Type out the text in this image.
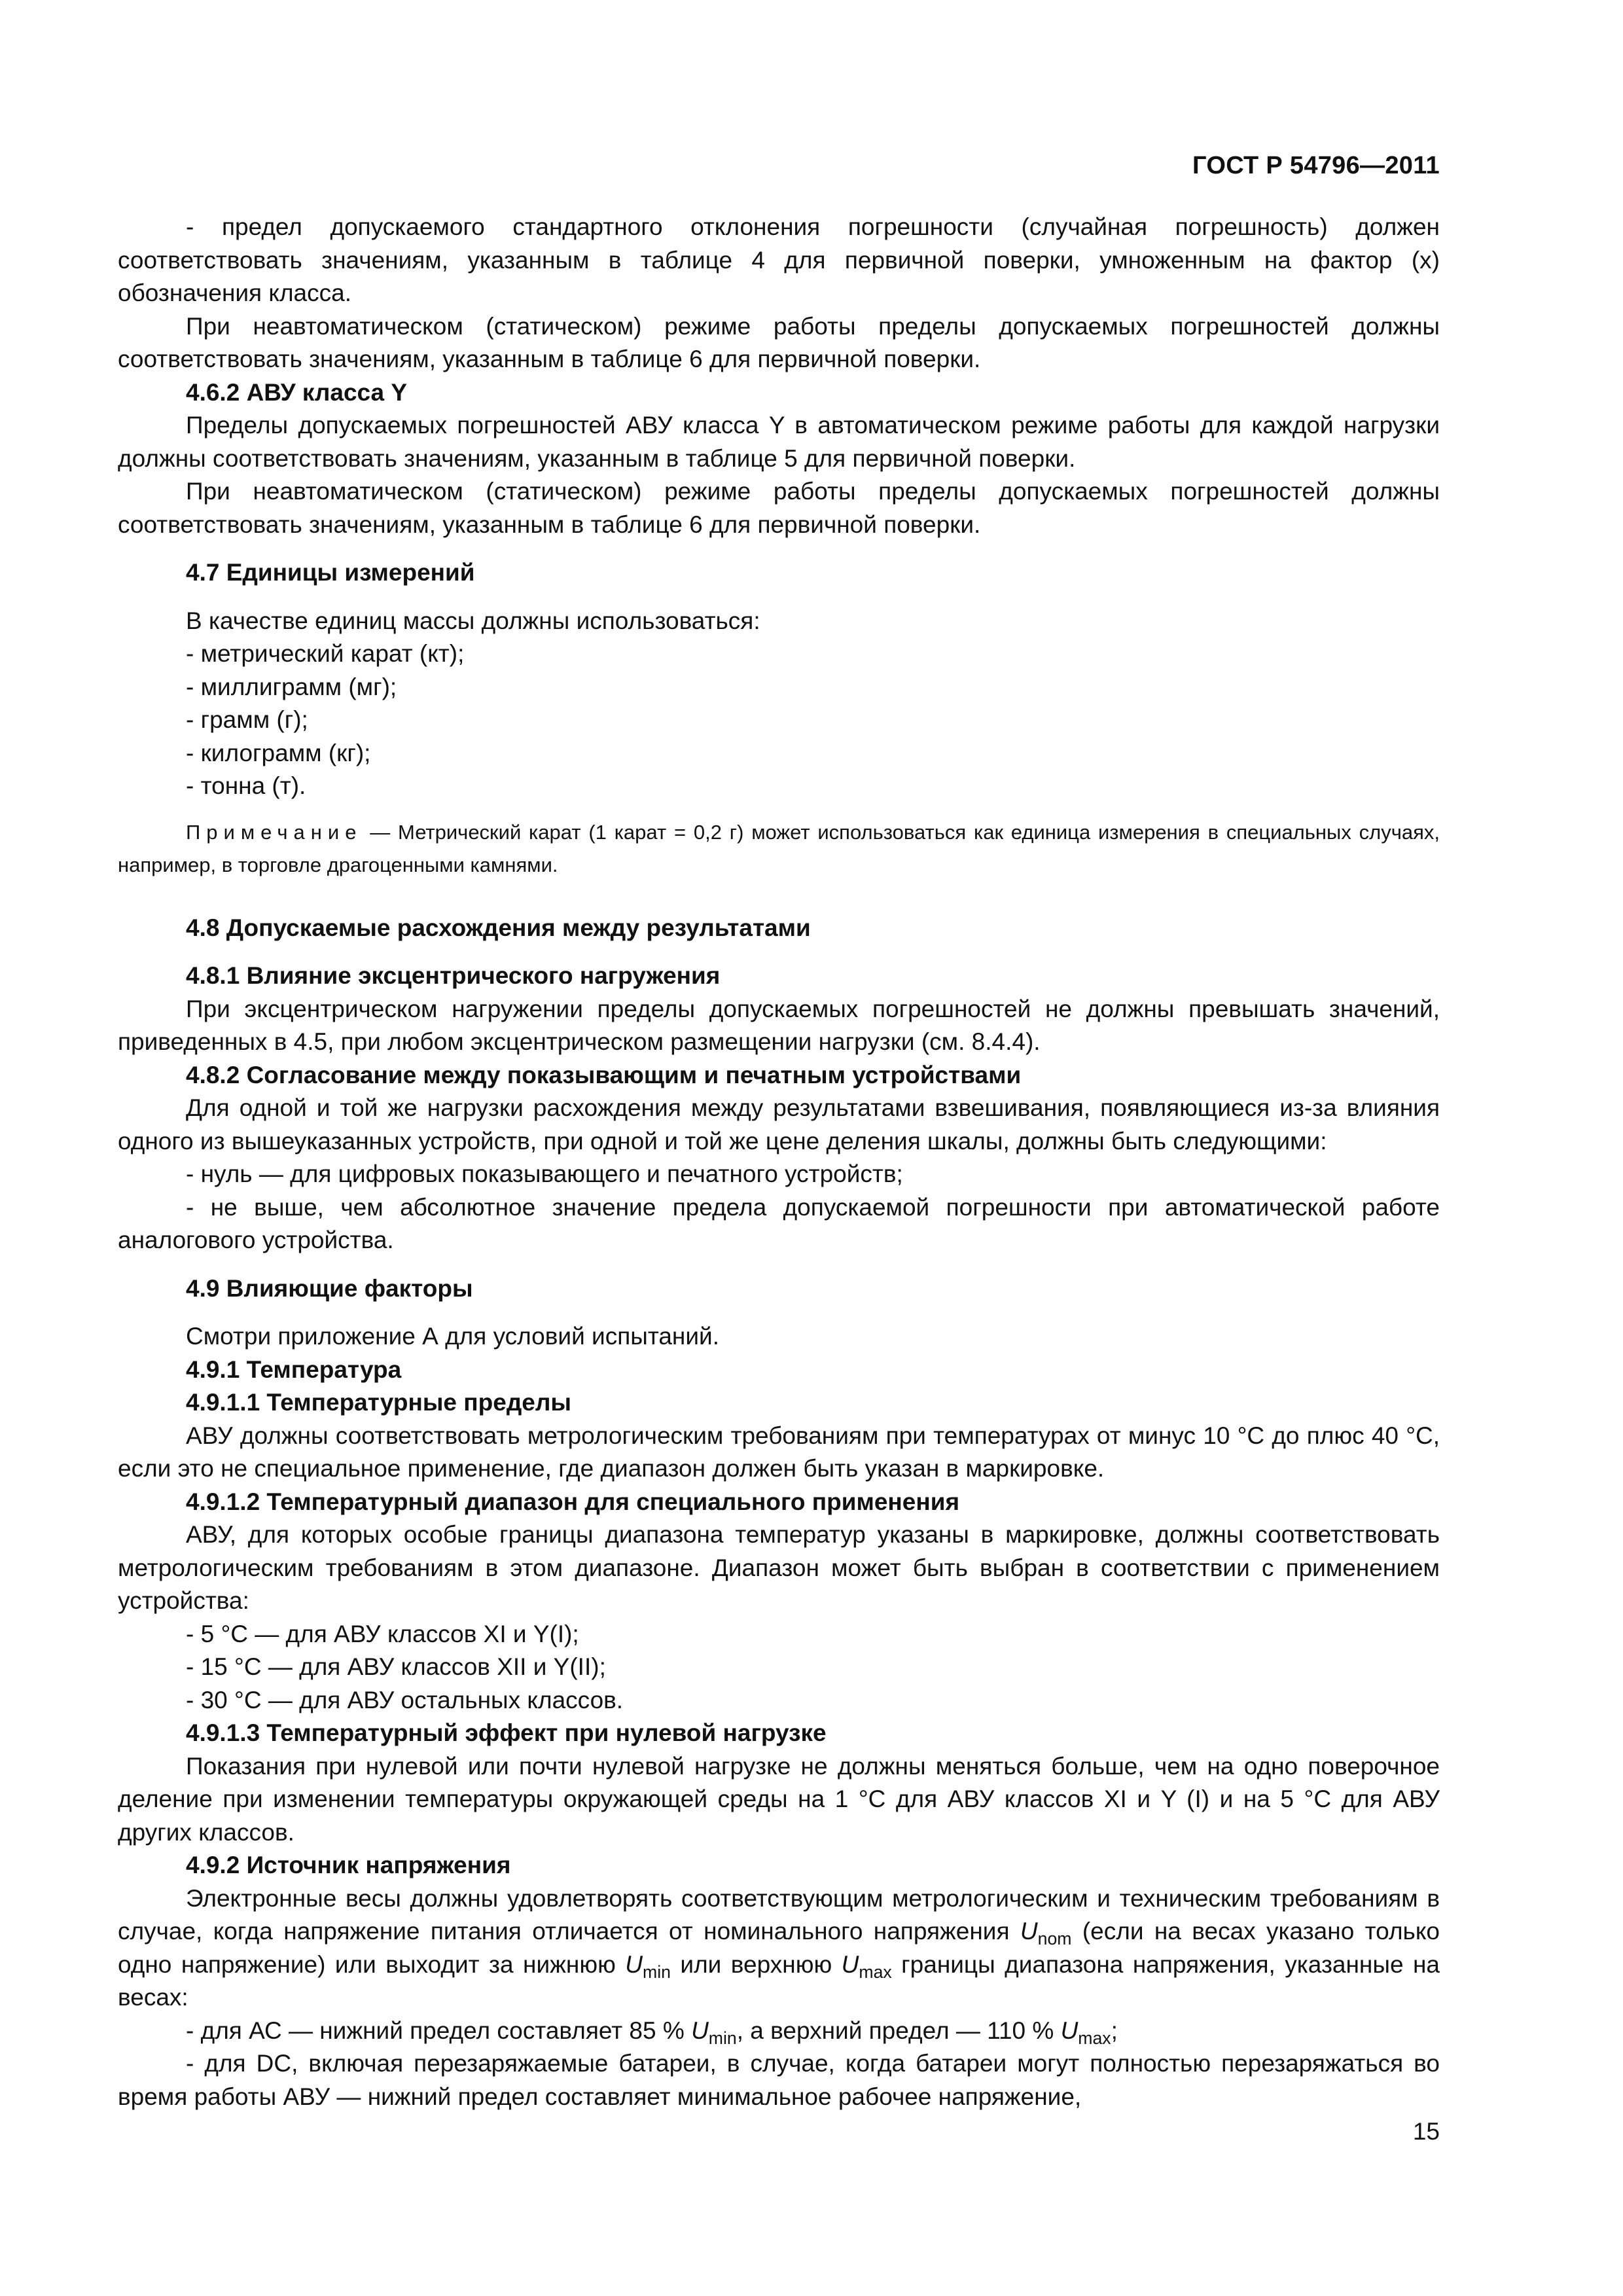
ГОСТ Р 54796—2011

- предел допускаемого стандартного отклонения погрешности (случайная погрешность) должен соответствовать значениям, указанным в таблице 4 для первичной поверки, умноженным на фактор (х) обозначения класса.

При неавтоматическом (статическом) режиме работы пределы допускаемых погрешностей должны соответствовать значениям, указанным в таблице 6 для первичной поверки.

4.6.2 АВУ класса Y

Пределы допускаемых погрешностей АВУ класса Y в автоматическом режиме работы для каждой нагрузки должны соответствовать значениям, указанным в таблице 5 для первичной поверки.

При неавтоматическом (статическом) режиме работы пределы допускаемых погрешностей должны соответствовать значениям, указанным в таблице 6 для первичной поверки.

4.7 Единицы измерений

В качестве единиц массы должны использоваться:

- метрический карат (кт);

- миллиграмм (мг);

- грамм (г);

- килограмм (кг);

- тонна (т).

Примечание — Метрический карат (1 карат = 0,2 г) может использоваться как единица измерения в специальных случаях, например, в торговле драгоценными камнями.

4.8 Допускаемые расхождения между результатами

4.8.1 Влияние эксцентрического нагружения

При эксцентрическом нагружении пределы допускаемых погрешностей не должны превышать значений, приведенных в 4.5, при любом эксцентрическом размещении нагрузки (см. 8.4.4).

4.8.2 Согласование между показывающим и печатным устройствами

Для одной и той же нагрузки расхождения между результатами взвешивания, появляющиеся из-за влияния одного из вышеуказанных устройств, при одной и той же цене деления шкалы, должны быть следующими:

- нуль — для цифровых показывающего и печатного устройств;

- не выше, чем абсолютное значение предела допускаемой погрешности при автоматической работе аналогового устройства.

4.9 Влияющие факторы

Смотри приложение А для условий испытаний.

4.9.1 Температура

4.9.1.1 Температурные пределы

АВУ должны соответствовать метрологическим требованиям при температурах от минус 10 °С до плюс 40 °С, если это не специальное применение, где диапазон должен быть указан в маркировке.

4.9.1.2 Температурный диапазон для специального применения

АВУ, для которых особые границы диапазона температур указаны в маркировке, должны соответствовать метрологическим требованиям в этом диапазоне. Диапазон может быть выбран в соответствии с применением устройства:

- 5 °С — для АВУ классов XI и Y(I);

- 15 °С — для АВУ классов XII и Y(II);

- 30 °С — для АВУ остальных классов.

4.9.1.3 Температурный эффект при нулевой нагрузке

Показания при нулевой или почти нулевой нагрузке не должны меняться больше, чем на одно поверочное деление при изменении температуры окружающей среды на 1 °С для АВУ классов XI и Y (I) и на 5 °С для АВУ других классов.

4.9.2 Источник напряжения

Электронные весы должны удовлетворять соответствующим метрологическим и техническим требованиям в случае, когда напряжение питания отличается от номинального напряжения $U_{nom}$ (если на весах указано только одно напряжение) или выходит за нижнюю $U_{min}$ или верхнюю $U_{max}$ границы диапазона напряжения, указанные на весах:

- для АС — нижний предел составляет 85 % $U_{min}$, а верхний предел — 110 % $U_{max}$;

- для DC, включая перезаряжаемые батареи, в случае, когда батареи могут полностью перезаряжаться во время работы АВУ — нижний предел составляет минимальное рабочее напряжение,

15
